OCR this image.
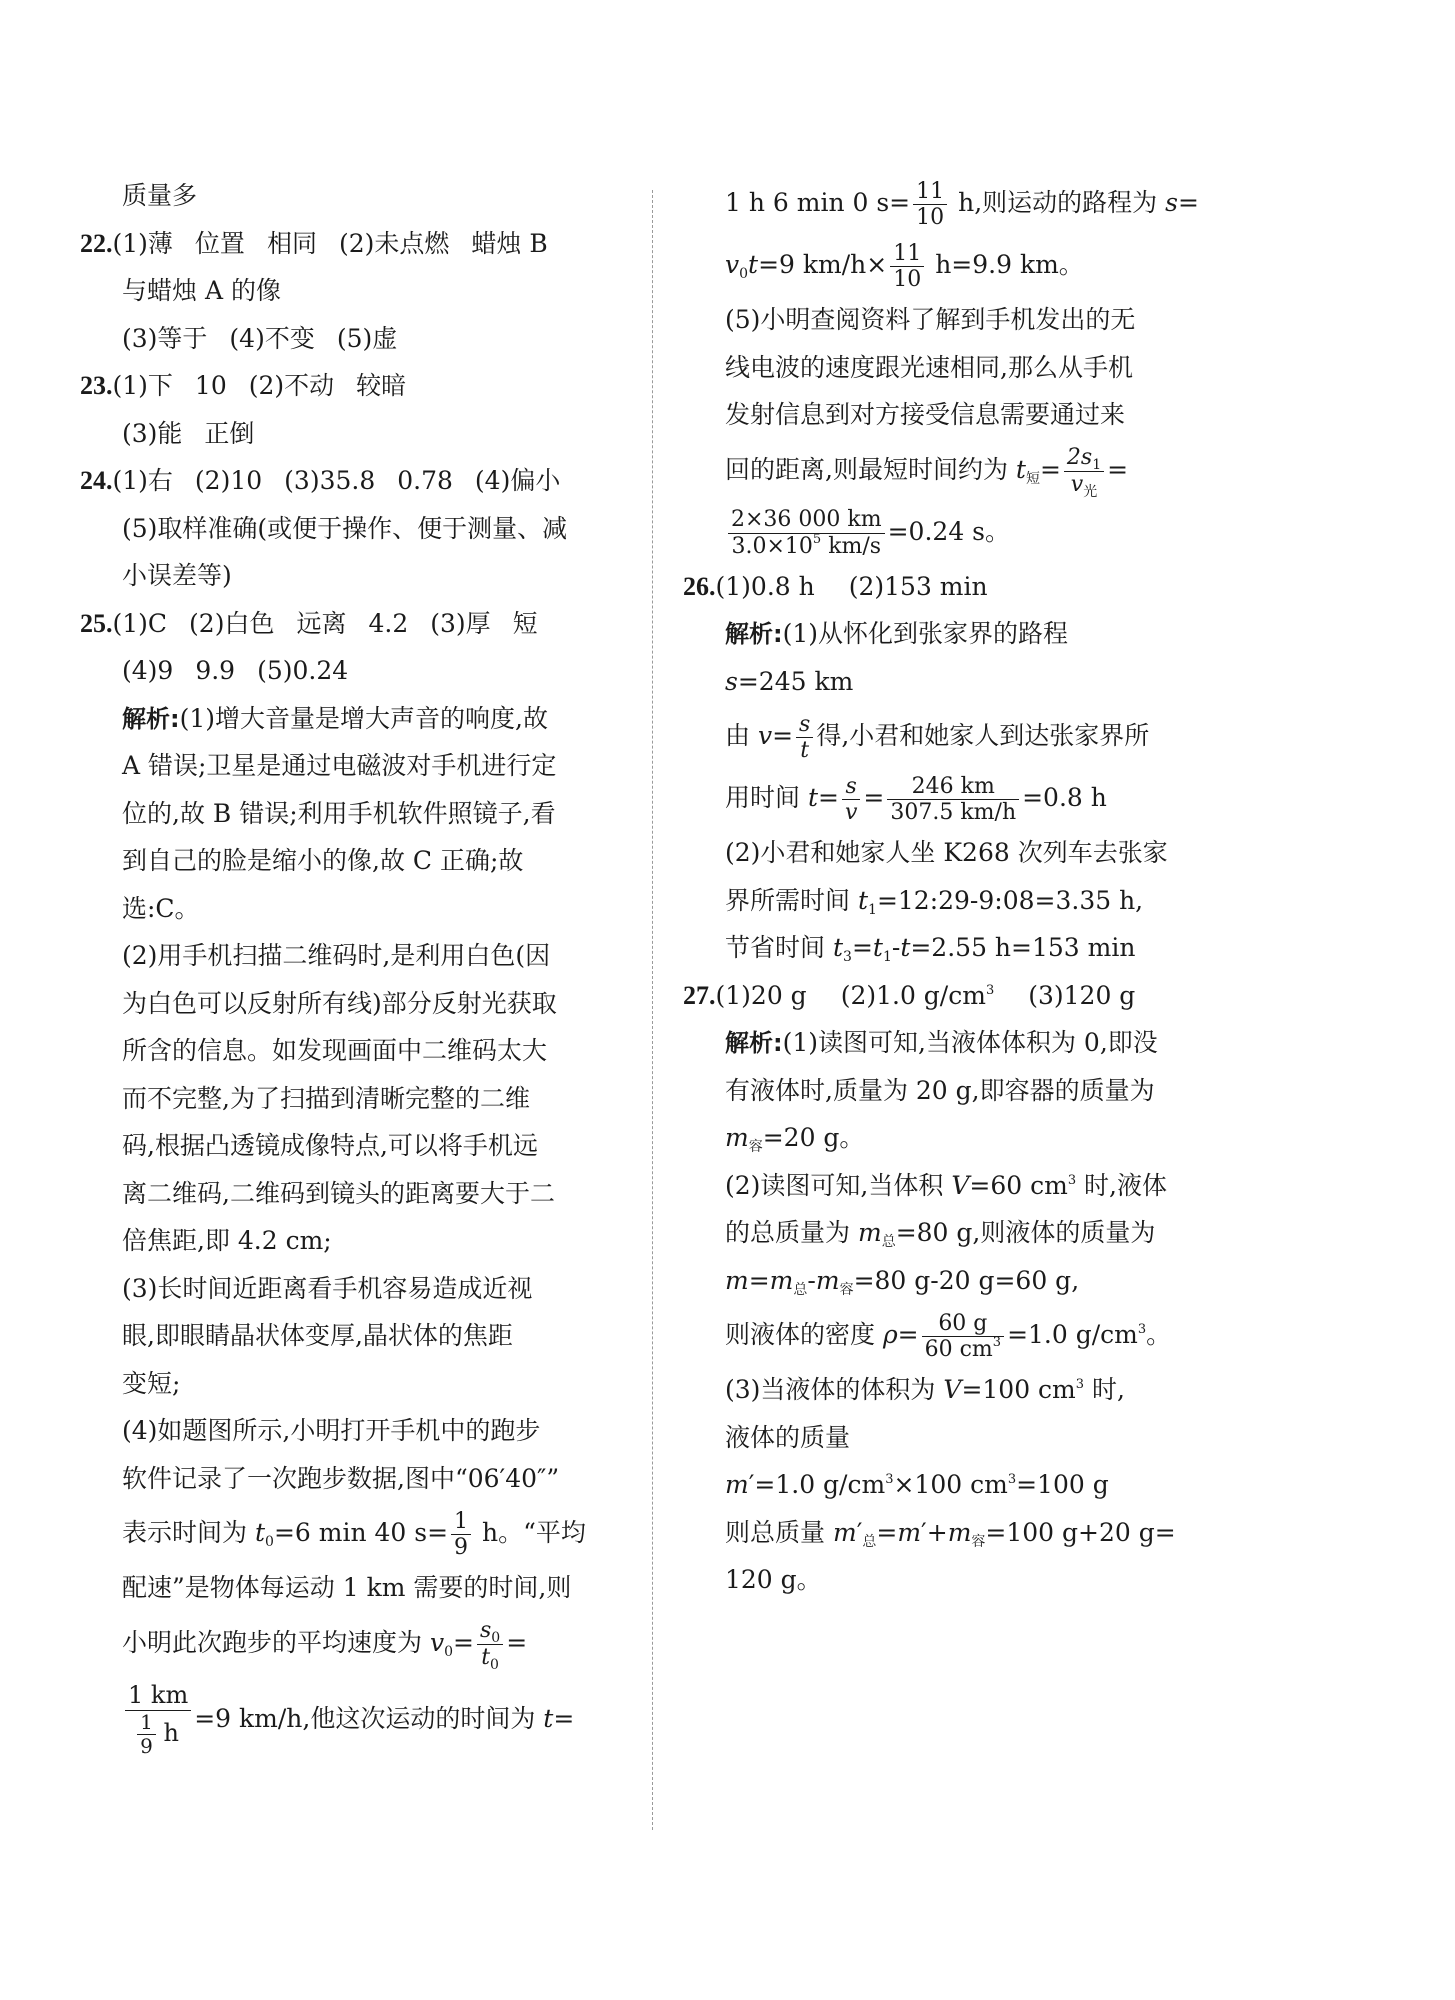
质量多
22.(1)薄 位置 相同 (2)未点燃 蜡烛 B
与蜡烛 A 的像
(3)等于 (4)不变 (5)虚
23.(1)下 10 (2)不动 较暗
(3)能 正倒
24.(1)右 (2)10 (3)35.8 0.78 (4)偏小
(5)取样准确(或便于操作、便于测量、减
小误差等)
25.(1)C (2)白色 远离 4.2 (3)厚 短
(4)9 9.9 (5)0.24
解析:(1)增大音量是增大声音的响度,故
A 错误;卫星是通过电磁波对手机进行定
位的,故 B 错误;利用手机软件照镜子,看
到自己的脸是缩小的像,故 C 正确;故
选:C。
(2)用手机扫描二维码时,是利用白色(因
为白色可以反射所有线)部分反射光获取
所含的信息。如发现画面中二维码太大
而不完整,为了扫描到清晰完整的二维
码,根据凸透镜成像特点,可以将手机远
离二维码,二维码到镜头的距离要大于二
倍焦距,即 4.2 cm;
(3)长时间近距离看手机容易造成近视
眼,即眼睛晶状体变厚,晶状体的焦距
变短;
(4)如题图所示,小明打开手机中的跑步
软件记录了一次跑步数据,图中“06′40″”
表示时间为 $t_0=6$ min 40 $s= \frac{1}{9}$ h。“平均
配速”是物体每运动 1 km 需要的时间,则
小明此次跑步的平均速度为 $v_0= \frac{s_0}{t_0}$ =
$\frac{1 km}{\frac{1}{9} h} =9$ km/h,他这次运动的时间为 t=
1 h 6 min 0 $s= \frac{11}{10} h$,则运动的路程为 s=
$v_0t=9$ $km/h\times \frac{11}{10} h=9.9$ km。
(5)小明查阅资料了解到手机发出的无
线电波的速度跟光速相同,那么从手机
发射信息到对方接受信息需要通过来
回的距离,则最短时间约为 $t_短= 2s_1$
$v_光$
=
$\frac{2\times 36 000 km}{3.0\times 10^5 km/s} =0.24$ s。
26.(1)0.8 h (2)153 min
解析:(1)从怀化到张家界的路程
s=245 km
由 $v= \frac{s}{t}$ 得,小君和她家人到达张家界所
用时间 $t= \frac{s}{v} = \frac{246 km}{307.5 km/h} =0.8$ h
(2)小君和她家人坐 K268 次列车去张家
界所需时间 $t_1=12:29-9:08=3.35$ h,
节省时间 $t_3=t_1-t=2.55$ h=153 min
27.(1)20 g (2)1.0 $g/cm^3$ (3)120 g
解析:(1)读图可知,当液体体积为 0,即没
有液体时,质量为 20 g,即容器的质量为
$m_容=20$ g。
(2)读图可知,当体积 V=60 $cm^3$ 时,液体
的总质量为 $m_总=80$ g,则液体的质量为
$m=m_总-m_容=80$ g-20 g=60 g,
则液体的密度 $\rho= \frac{60 g}{60 cm^3} =1.0$ $g/cm^3$。
(3)当液体的体积为 V=100 $cm^3$ 时,
液体的质量
m′=1.0 $g/cm^3\times 100$ $cm^3=100$ g
则总质量 $m'_总=m'+m_容=100$ g+20 g=
120 g。
